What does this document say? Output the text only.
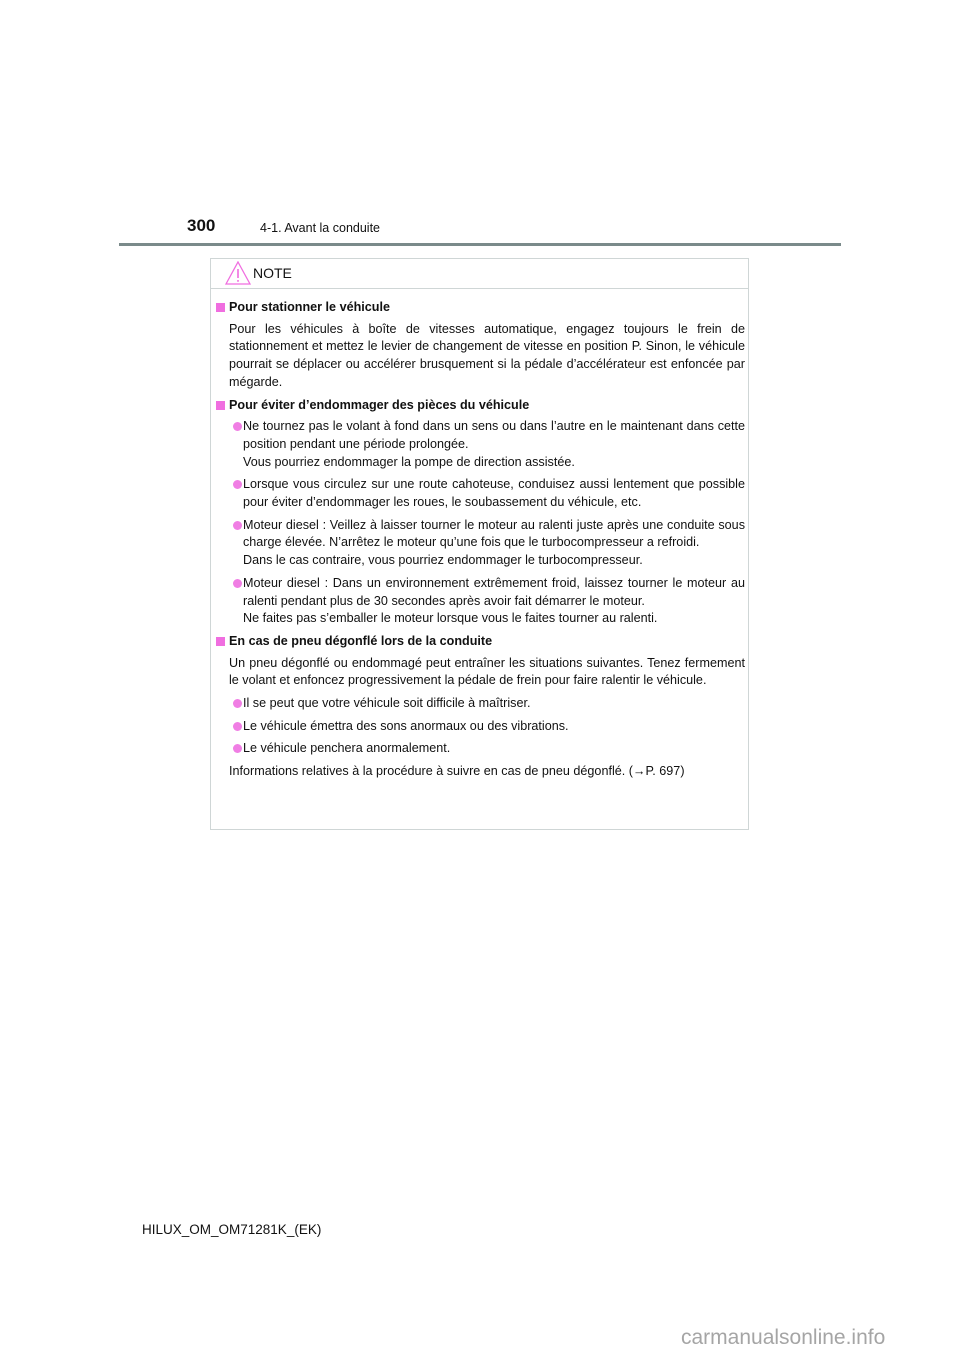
300	4-1. Avant la conduite
NOTE
Pour stationner le véhicule
Pour les véhicules à boîte de vitesses automatique, engagez toujours le frein de stationnement et mettez le levier de changement de vitesse en position P. Sinon, le véhicule pourrait se déplacer ou accélérer brusquement si la pédale d’accélérateur est enfoncée par mégarde.
Pour éviter d’endommager des pièces du véhicule
Ne tournez pas le volant à fond dans un sens ou dans l’autre en le maintenant dans cette position pendant une période prolongée.
Vous pourriez endommager la pompe de direction assistée.
Lorsque vous circulez sur une route cahoteuse, conduisez aussi lentement que possible pour éviter d’endommager les roues, le soubassement du véhicule, etc.
Moteur diesel : Veillez à laisser tourner le moteur au ralenti juste après une conduite sous charge élevée. N’arrêtez le moteur qu’une fois que le turbocompresseur a refroidi.
Dans le cas contraire, vous pourriez endommager le turbocompresseur.
Moteur diesel : Dans un environnement extrêmement froid, laissez tourner le moteur au ralenti pendant plus de 30 secondes après avoir fait démarrer le moteur.
Ne faites pas s’emballer le moteur lorsque vous le faites tourner au ralenti.
En cas de pneu dégonflé lors de la conduite
Un pneu dégonflé ou endommagé peut entraîner les situations suivantes. Tenez fermement le volant et enfoncez progressivement la pédale de frein pour faire ralentir le véhicule.
Il se peut que votre véhicule soit difficile à maîtriser.
Le véhicule émettra des sons anormaux ou des vibrations.
Le véhicule penchera anormalement.
Informations relatives à la procédure à suivre en cas de pneu dégonflé. (→P. 697)
HILUX_OM_OM71281K_(EK)
carmanualsonline.info
